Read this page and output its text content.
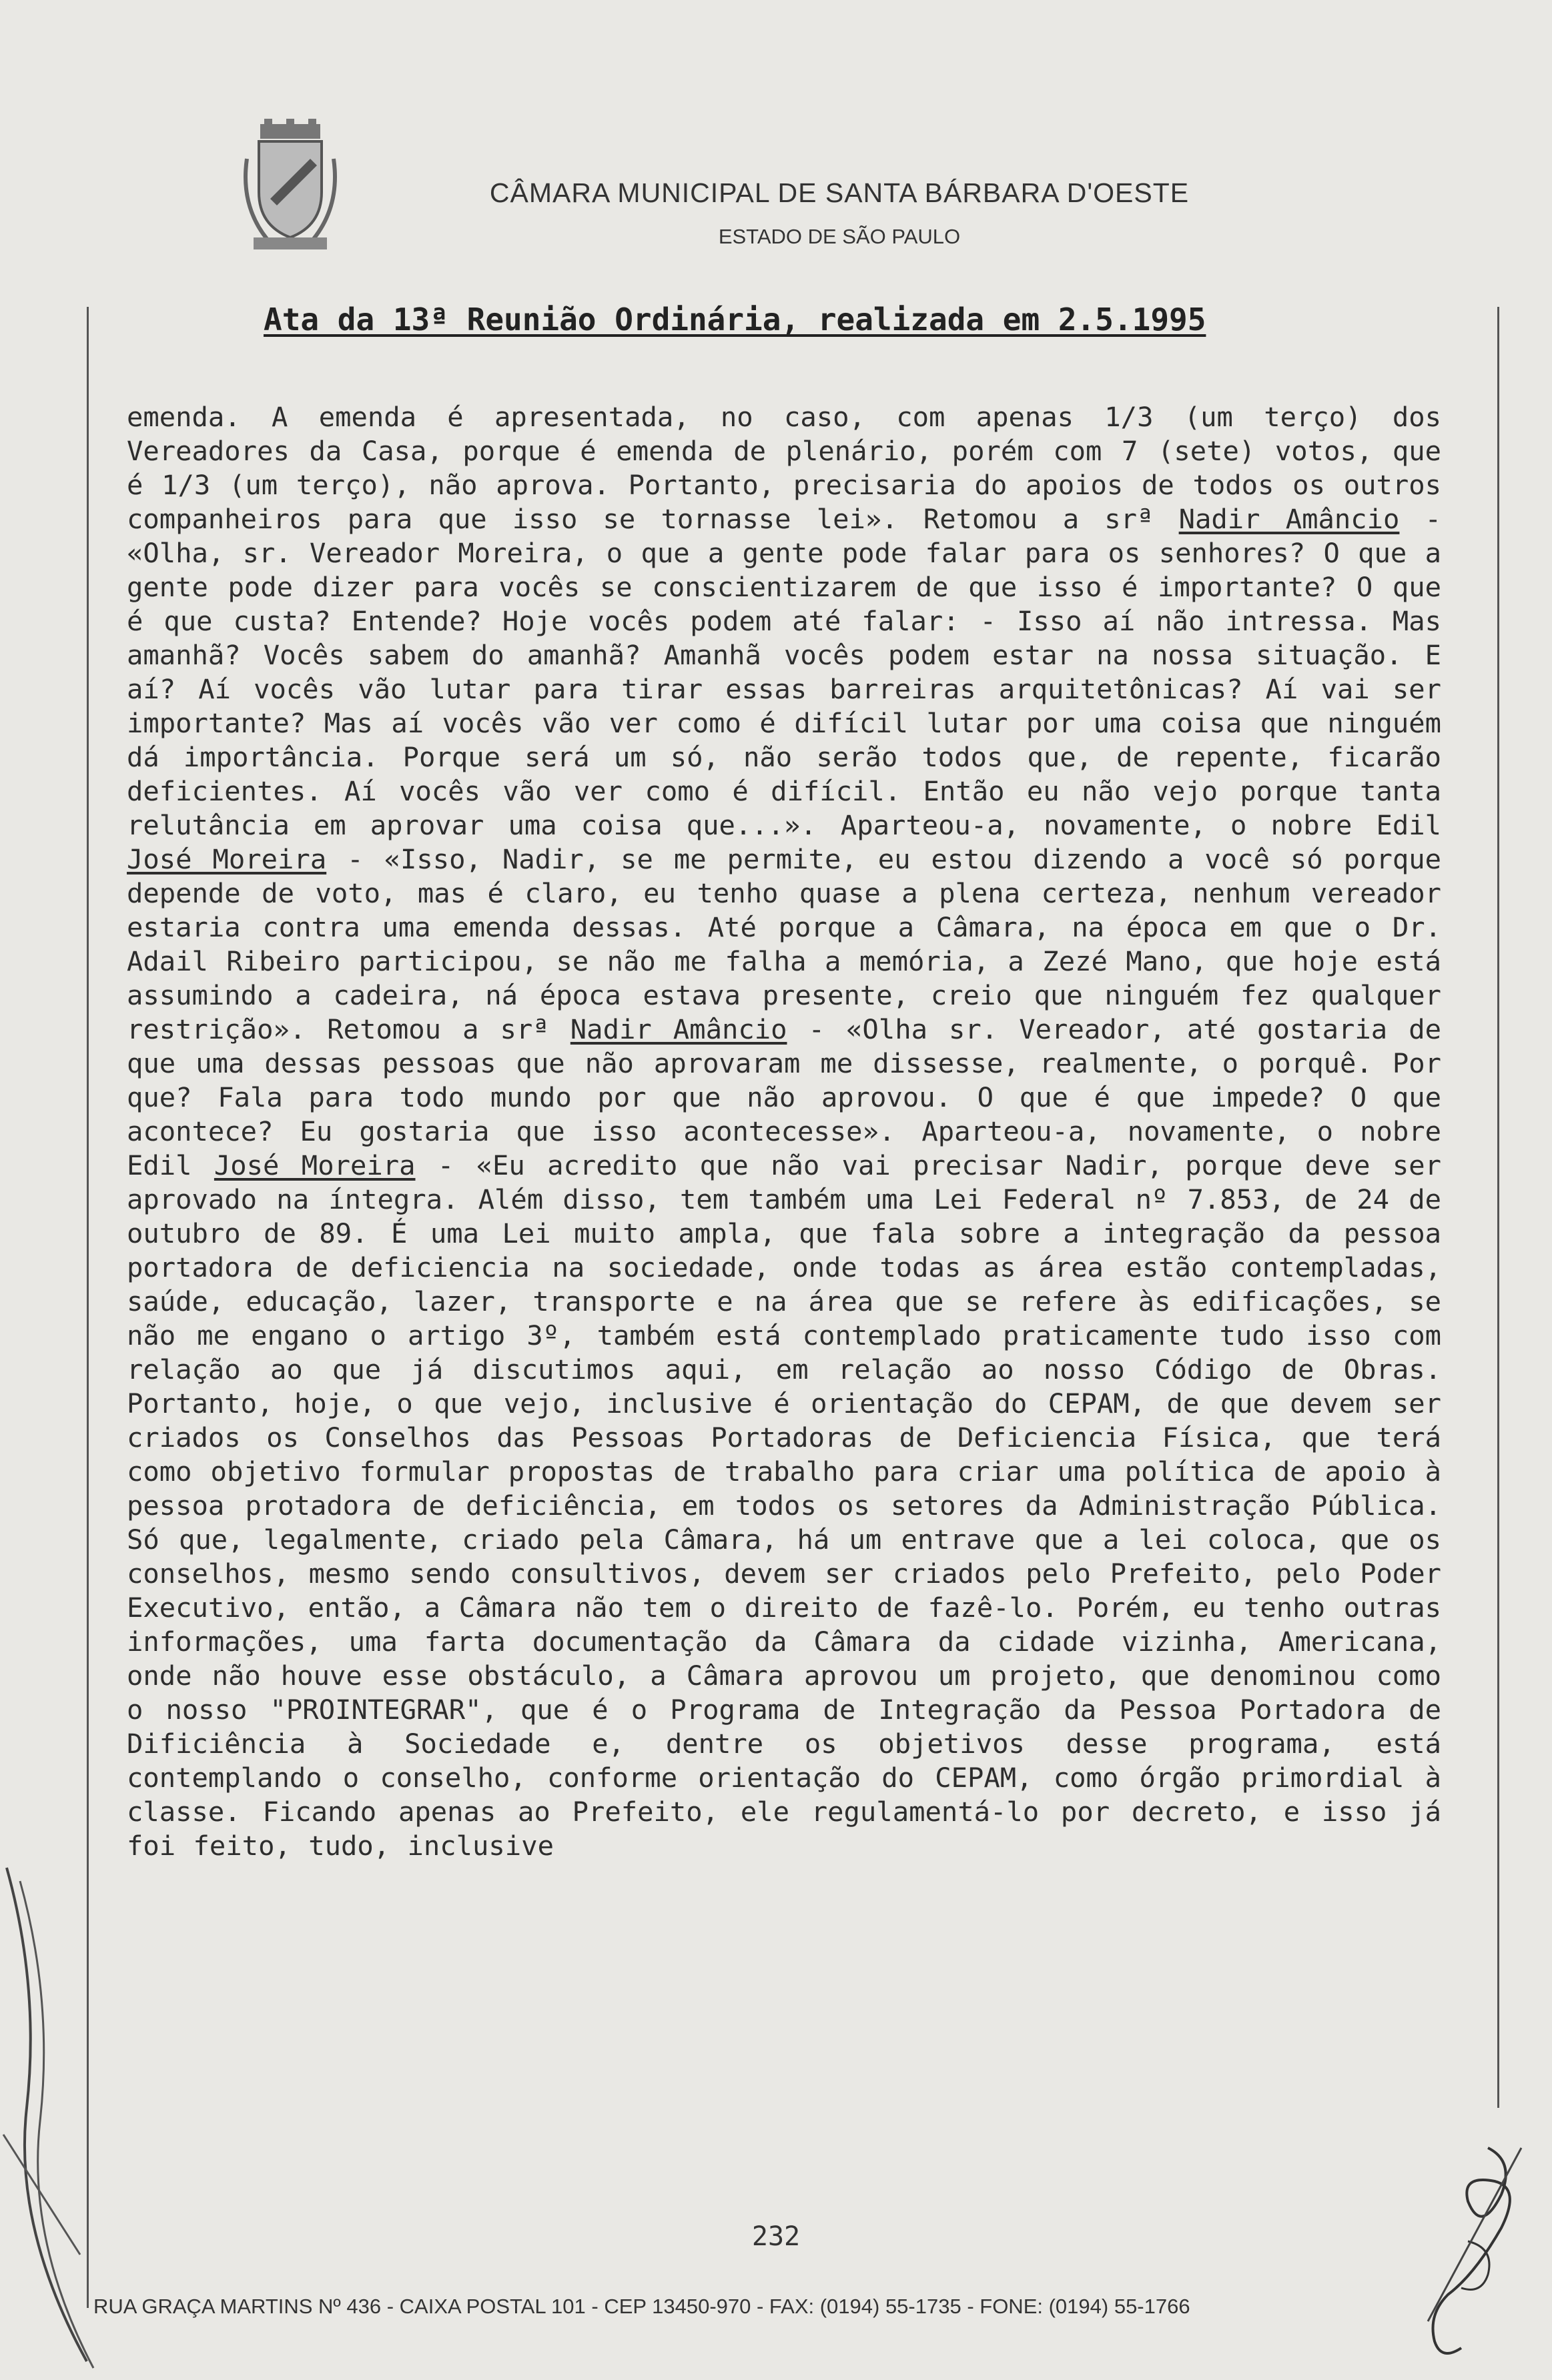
CÂMARA MUNICIPAL DE SANTA BÁRBARA D'OESTE
ESTADO DE SÃO PAULO
Ata da 13ª Reunião Ordinária, realizada em 2.5.1995

emenda. A emenda é apresentada, no caso, com apenas 1/3 (um terço) dos Vereadores da Casa, porque é emenda de plenário, porém com 7 (sete) votos, que é 1/3 (um terço), não aprova. Portanto, precisaria do apoios de todos os outros companheiros para que isso se tornasse lei». Retomou a srª Nadir Amâncio - «Olha, sr. Vereador Moreira, o que a gente pode falar para os senhores? O que a gente pode dizer para vocês se conscientizarem de que isso é importante? O que é que custa? Entende? Hoje vocês podem até falar: - Isso aí não intressa. Mas amanhã? Vocês sabem do amanhã? Amanhã vocês podem estar na nossa situação. E aí? Aí vocês vão lutar para tirar essas barreiras arquitetônicas? Aí vai ser importante? Mas aí vocês vão ver como é difícil lutar por uma coisa que ninguém dá importância. Porque será um só, não serão todos que, de repente, ficarão deficientes. Aí vocês vão ver como é difícil. Então eu não vejo porque tanta relutância em aprovar uma coisa que...». Aparteou-a, novamente, o nobre Edil José Moreira - «Isso, Nadir, se me permite, eu estou dizendo a você só porque depende de voto, mas é claro, eu tenho quase a plena certeza, nenhum vereador estaria contra uma emenda dessas. Até porque a Câmara, na época em que o Dr. Adail Ribeiro participou, se não me falha a memória, a Zezé Mano, que hoje está assumindo a cadeira, ná época estava presente, creio que ninguém fez qualquer restrição». Retomou a srª Nadir Amâncio - «Olha sr. Vereador, até gostaria de que uma dessas pessoas que não aprovaram me dissesse, realmente, o porquê. Por que? Fala para todo mundo por que não aprovou. O que é que impede? O que acontece? Eu gostaria que isso acontecesse». Aparteou-a, novamente, o nobre Edil José Moreira - «Eu acredito que não vai precisar Nadir, porque deve ser aprovado na íntegra. Além disso, tem também uma Lei Federal nº 7.853, de 24 de outubro de 89. É uma Lei muito ampla, que fala sobre a integração da pessoa portadora de deficiencia na sociedade, onde todas as área estão contempladas, saúde, educação, lazer, transporte e na área que se refere às edificações, se não me engano o artigo 3º, também está contemplado praticamente tudo isso com relação ao que já discutimos aqui, em relação ao nosso Código de Obras. Portanto, hoje, o que vejo, inclusive é orientação do CEPAM, de que devem ser criados os Conselhos das Pessoas Portadoras de Deficiencia Física, que terá como objetivo formular propostas de trabalho para criar uma política de apoio à pessoa protadora de deficiência, em todos os setores da Administração Pública. Só que, legalmente, criado pela Câmara, há um entrave que a lei coloca, que os conselhos, mesmo sendo consultivos, devem ser criados pelo Prefeito, pelo Poder Executivo, então, a Câmara não tem o direito de fazê-lo. Porém, eu tenho outras informações, uma farta documentação da Câmara da cidade vizinha, Americana, onde não houve esse obstáculo, a Câmara aprovou um projeto, que denominou como o nosso "PROINTEGRAR", que é o Programa de Integração da Pessoa Portadora de Dificiência à Sociedade e, dentre os objetivos desse programa, está contemplando o conselho, conforme orientação do CEPAM, como órgão primordial à classe. Ficando apenas ao Prefeito, ele regulamentá-lo por decreto, e isso já foi feito, tudo, inclusive

232
RUA GRAÇA MARTINS Nº 436 - CAIXA POSTAL 101 - CEP 13450-970 - FAX: (0194) 55-1735 - FONE: (0194) 55-1766
